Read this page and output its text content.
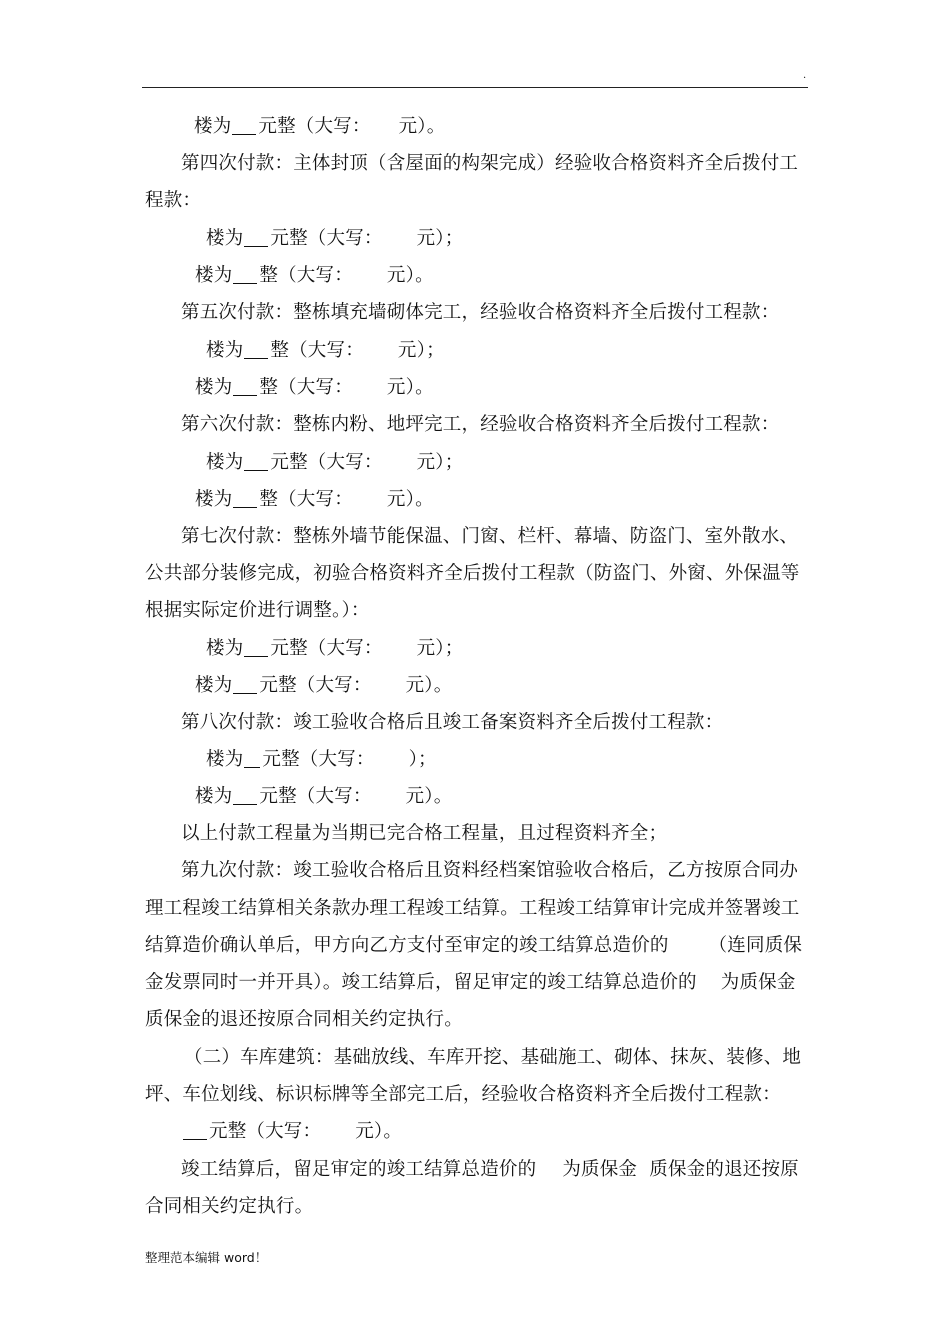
.
楼为 元整（大写： 元）。
第四次付款：主体封顶（含屋面的构架完成）经验收合格资料齐全后拨付工
程款：
楼为 元整（大写： 元）；
楼为 整（大写： 元）。
第五次付款：整栋填充墙砌体完工，经验收合格资料齐全后拨付工程款：
楼为 整（大写： 元）；
楼为 整（大写： 元）。
第六次付款：整栋内粉、地坪完工，经验收合格资料齐全后拨付工程款：
楼为 元整（大写： 元）；
楼为 整（大写： 元）。
第七次付款：整栋外墙节能保温、门窗、栏杆、幕墙、防盗门、室外散水、
公共部分装修完成，初验合格资料齐全后拨付工程款（防盗门、外窗、外保温等
根据实际定价进行调整。）：
楼为 元整（大写： 元）；
楼为 元整（大写： 元）。
第八次付款：竣工验收合格后且竣工备案资料齐全后拨付工程款：
楼为 元整（大写： ）；
楼为 元整（大写： 元）。
以上付款工程量为当期已完合格工程量，且过程资料齐全；
第九次付款：竣工验收合格后且资料经档案馆验收合格后，乙方按原合同办
理工程竣工结算相关条款办理工程竣工结算。工程竣工结算审计完成并签署竣工
结算造价确认单后，甲方向乙方支付至审定的竣工结算总造价的 （连同质保
金发票同时一并开具）。竣工结算后，留足审定的竣工结算总造价的 为质保金
质保金的退还按原合同相关约定执行。
（二）车库建筑：基础放线、车库开挖、基础施工、砌体、抹灰、装修、地
坪、车位划线、标识标牌等全部完工后，经验收合格资料齐全后拨付工程款：
元整（大写： 元）。
竣工结算后，留足审定的竣工结算总造价的 为质保金  质保金的退还按原
合同相关约定执行。
整理范本编辑 word！
